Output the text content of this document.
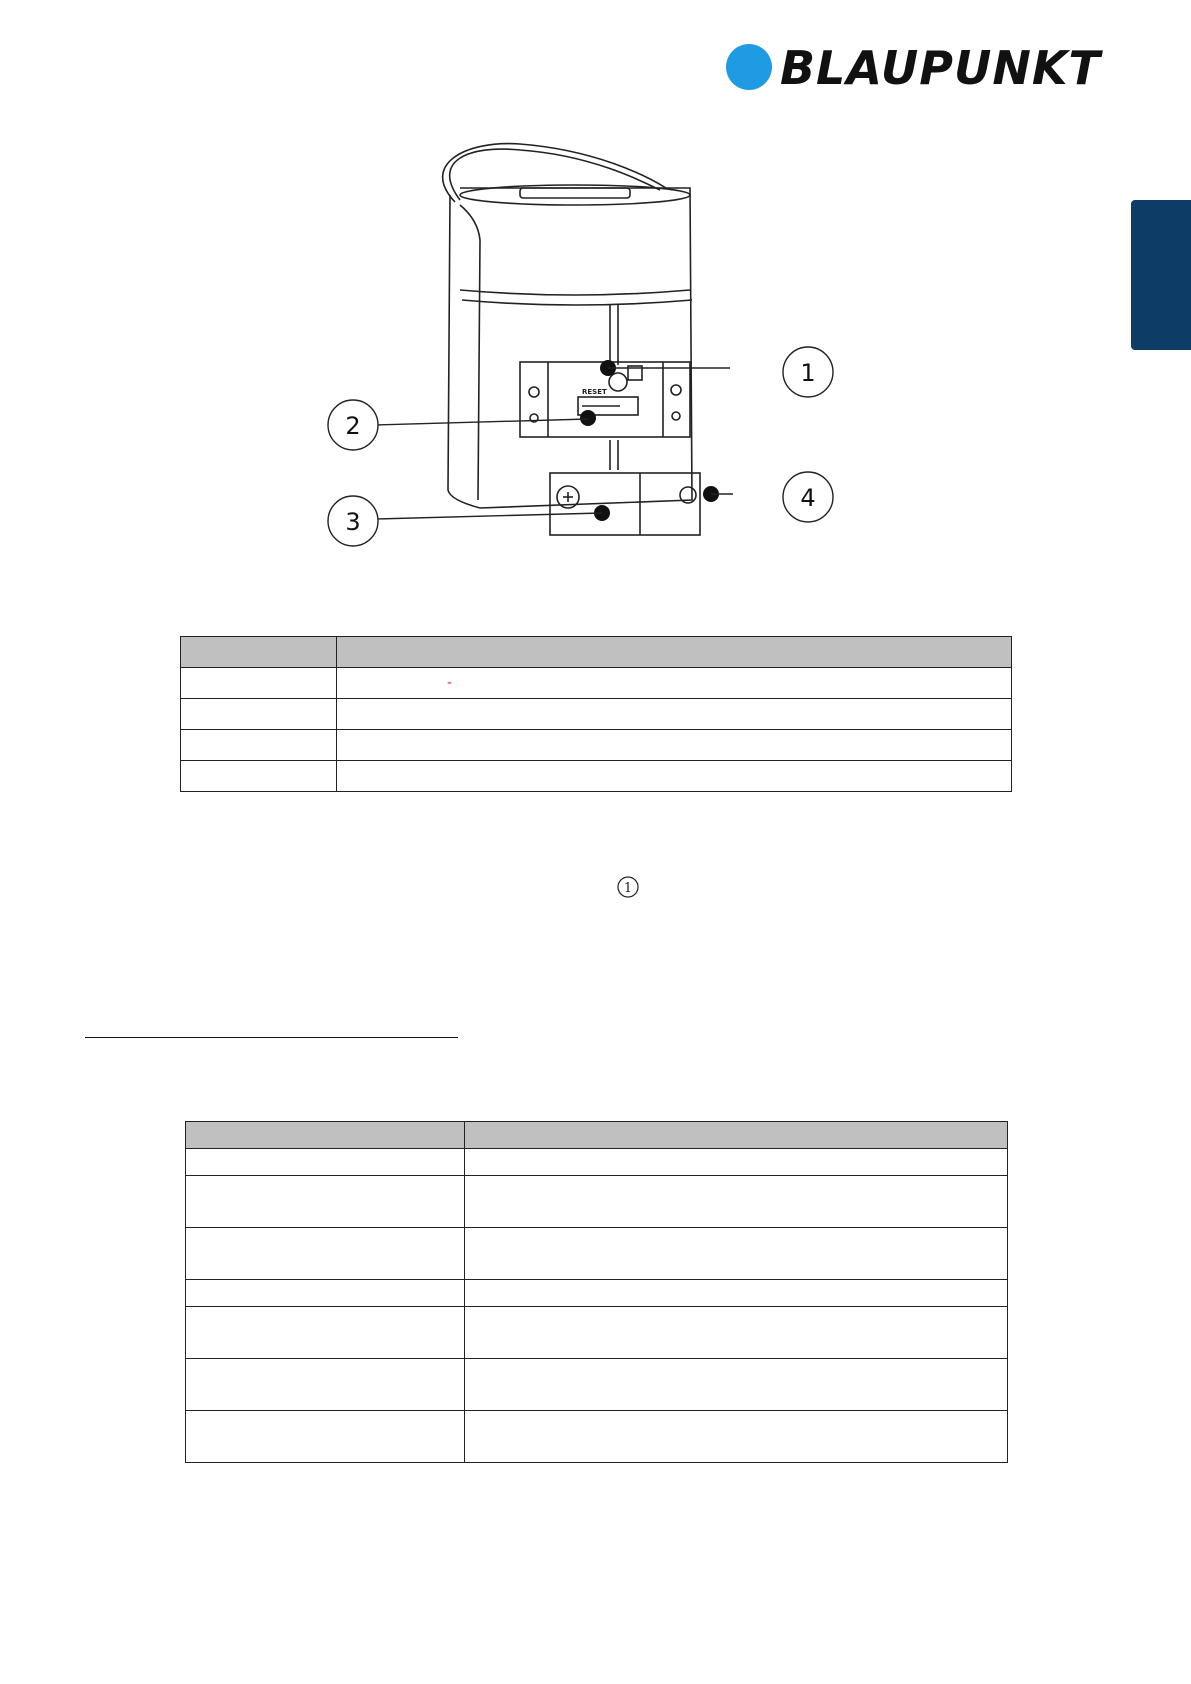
BLAUPUNKT
RESET
1
2
3
4

	-

1
